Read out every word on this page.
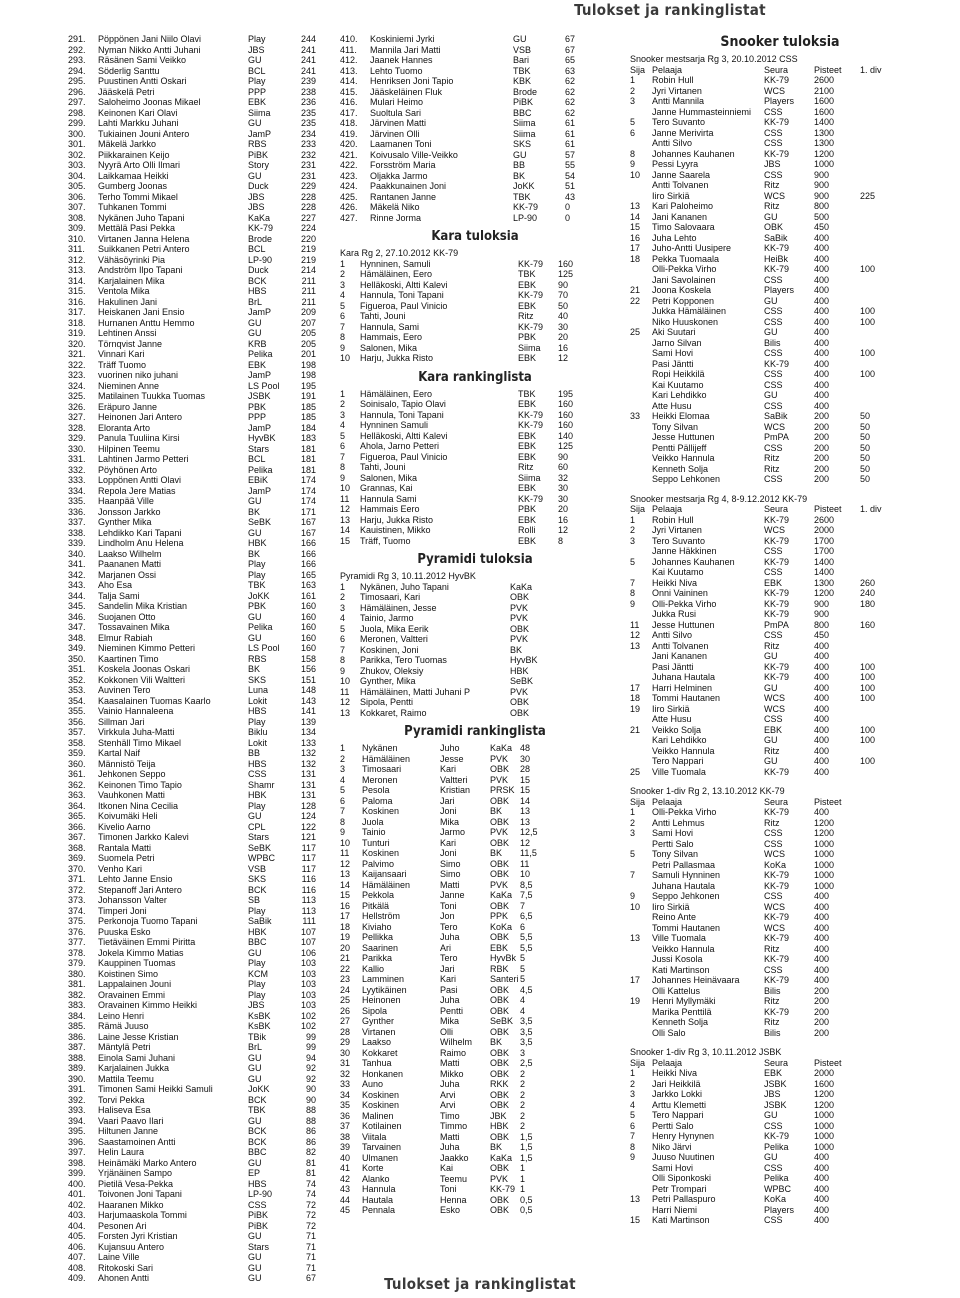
Tulokset ja rankinglistat
291.	Pöppönen Jani Niilo Olavi	Play	244
292.	Nyman Nikko Antti Juhani	JBS	241
293.	Räsänen Sami Veikko	GU	241
294.	Söderlig Santtu	BCL	241
295.	Puustinen Antti Oskari	Play	239
296.	Jääskelä Petri	PPP	238
297.	Saloheimo Joonas Mikael	EBK	236
298.	Keinonen Kari Olavi	Siima	235
299.	Lahti Markku Juhani	GU	235
300.	Tukiainen Jouni Antero	JamP	234
301.	Mäkelä Jarkko	RBS	233
302.	Piikkarainen Keijo	PiBK	232
303.	Nyyrä Arto Olli Ilmari	Story	231
304.	Laikkamaa Heikki	GU	231
305.	Gumberg Joonas	Duck	229
306.	Terho Tommi Mikael	JBS	228
307.	Tuhkanen Tommi	JBS	228
308.	Nykänen Juho Tapani	KaKa	227
309.	Mettälä Pasi Pekka	KK-79	224
310.	Virtanen Janna Helena	Brode	220
311.	Suikkanen Petri Antero	BCL	219
312.	Vähäsöyrinki Pia	LP-90	219
313.	Andström Ilpo Tapani	Duck	214
314.	Karjalainen Mika	BCK	211
315.	Ventola Mika	HBS	211
316.	Hakulinen Jani	BrL	211
317.	Heiskanen Jani Ensio	JamP	209
318.	Hurnanen Anttu Hemmo	GU	207
319.	Lehtinen Anssi	GU	205
320.	Törnqvist Janne	KRB	205
321.	Vinnari Kari	Pelika	201
322.	Träff Tuomo	EBK	198
323.	vuorinen niko juhani	JamP	198
324.	Nieminen Anne	LS Pool	195
325.	Matilainen Tuukka Tuomas	JSBK	191
326.	Eräpuro Janne	PBK	185
327.	Heinonen Jari Antero	PPP	185
328.	Eloranta Arto	JamP	184
329.	Panula Tuuliina Kirsi	HyvBK	183
330.	Hilpinen Teemu	Stars	181
331.	Lahtinen Jarmo Petteri	BCL	181
332.	Pöyhönen Arto	Pelika	181
333.	Loppönen Antti Olavi	EBiK	174
334.	Repola Jere Matias	JamP	174
335.	Haanpää Ville	GU	174
336.	Jonsson Jarkko	BK	171
337.	Gynther Mika	SeBK	167
338.	Lehdikko Kari Tapani	GU	167
339.	Lindholm Anu Helena	HBK	166
340.	Laakso Wilhelm	BK	166
341.	Paananen Matti	Play	166
342.	Marjanen Ossi	Play	165
343.	Aho Esa	TBK	163
344.	Talja Sami	JoKK	161
345.	Sandelin Mika Kristian	PBK	160
346.	Suojanen Otto	GU	160
347.	Tossavainen Mika	Pelika	160
348.	Elmur Rabiah	GU	160
349.	Nieminen Kimmo Petteri	LS Pool	160
350.	Kaartinen Timo	RBS	158
351.	Koskela Joonas Oskari	BK	156
352.	Kokkonen Vili Waltteri	SKS	151
353.	Auvinen Tero	Luna	148
354.	Kaasalainen Tuomas Kaarlo	Lokit	143
355.	Vainio Hannaleena	HBS	141
356.	Sillman Jari	Play	139
357.	Virkkula Juha-Matti	Biklu	134
358.	Stenhäll Timo Mikael	Lokit	133
359.	Kartal Naif	BB	132
360.	Männistö Teija	HBS	132
361.	Jehkonen Seppo	CSS	131
362.	Keinonen Timo Tapio	Shamr	131
363.	Vauhkonen Matti	HBK	131
364.	Itkonen Nina Cecilia	Play	128
365.	Koivumäki Heli	GU	124
366.	Kivelio Aarno	CPL	122
367.	Timonen Jarkko Kalevi	Stars	121
368.	Rantala Matti	SeBK	117
369.	Suomela Petri	WPBC	117
370.	Venho Kari	VSB	117
371.	Lehto Janne Ensio	SKS	116
372.	Stepanoff Jari Antero	BCK	116
373.	Johansson Valter	SB	113
374.	Timperi Joni	Play	113
375.	Perkonoja Tuomo Tapani	SaBik	111
376.	Puuska Esko	HBK	107
377.	Tietäväinen Emmi Piritta	BBC	107
378.	Jokela Kimmo Matias	GU	106
379.	Kauppinen Tuomas	Play	103
380.	Koistinen Simo	KCM	103
381.	Lappalainen Jouni	Play	103
382.	Oravainen Emmi	Play	103
383.	Oravainen Kimmo Heikki	JBS	103
384.	Leino Henri	KsBK	102
385.	Rämä Juuso	KsBK	102
386.	Laine Jesse Kristian	TBik	99
387.	Mäntylä Petri	BrL	99
388.	Einola Sami Juhani	GU	94
389.	Karjalainen Jukka	GU	92
390.	Mattila Teemu	GU	92
391.	Timonen Sami Heikki Samuli	JoKK	90
392.	Torvi Pekka	BCK	90
393.	Haliseva Esa	TBK	88
394.	Vaari Paavo Ilari	GU	88
395.	Hiltunen Janne	BCK	86
396.	Saastamoinen Antti	BCK	86
397.	Helin Laura	BBC	82
398.	Heinämäki Marko Antero	GU	81
399.	Yrjänäinen Sampo	EP	81
400.	Pietilä Vesa-Pekka	HBS	74
401.	Toivonen Joni Tapani	LP-90	74
402.	Haaranen Mikko	CSS	72
403.	Harjumaaskola Tommi	PiBK	72
404.	Pesonen Ari	PiBK	72
405.	Forsten Jyri Kristian	GU	71
406.	Kujansuu Antero	Stars	71
407.	Laine Ville	GU	71
408.	Ritokoski Sari	GU	71
409.	Ahonen Antti	GU	67
410.	Koskiniemi Jyrki	GU	67
411.	Mannila Jari Matti	VSB	67
412.	Jaanek Hannes	Bari	65
413.	Lehto Tuomo	TBK	63
414.	Henriksen Joni Tapio	KBK	62
415.	Jääskeläinen Fluk	Brode	62
416.	Mulari Heimo	PiBK	62
417.	Suoltula Sari	BBC	62
418.	Järvinen Matti	Siima	61
419.	Järvinen Olli	Siima	61
420.	Laamanen Toni	SKS	61
421.	Koivusalo Ville-Veikko	GU	57
422.	Forsström Maria	BB	55
423.	Oljakka Jarmo	BK	54
424.	Paakkunainen Joni	JoKK	51
425.	Rantanen Janne	TBK	43
426.	Mäkelä Niko	KK-79	0
427.	Rinne Jorma	LP-90	0
Kara tuloksia
Kara Rg 2, 27.10.2012 KK-79
1	Hynninen, Samuli	KK-79	160
2	Hämäläinen, Eero	TBK	125
3	Helläkoski, Altti Kalevi	EBK	90
4	Hannula, Toni Tapani	KK-79	70
5	Figueroa, Paul Vinicio	EBK	50
6	Tahti, Jouni	Ritz	40
7	Hannula, Sami	KK-79	30
8	Hammais, Eero	PBK	20
9	Salonen, Mika	Siima	16
10	Harju, Jukka Risto	EBK	12
Kara rankinglista
1	Hämäläinen, Eero	TBK	195
2	Soinisalo, Tapio Olavi	EBK	160
3	Hannula, Toni Tapani	KK-79	160
4	Hynninen Samuli	KK-79	160
5	Helläkoski, Altti Kalevi	EBK	140
6	Ahola, Jarno Petteri	EBK	125
7	Figueroa, Paul Vinicio	EBK	90
8	Tahti, Jouni	Ritz	60
9	Salonen, Mika	Siima	32
10	Grannas, Kai	EBK	30
11	Hannula Sami	KK-79	30
12	Hammais Eero	PBK	20
13	Harju, Jukka Risto	EBK	16
14	Kauistinen, Mikko	Rolli	12
15	Träff, Tuomo	EBK	8
Pyramidi tuloksia
Pyramidi Rg 3, 10.11.2012 HyvBK
1	Nykänen, Juho Tapani	KaKa
2	Timosaari, Kari	OBK
3	Hämäläinen, Jesse	PVK
4	Tainio, Jarmo	PVK
5	Juola, Mika Eerik	OBK
6	Meronen, Valtteri	PVK
7	Koskinen, Joni	BK
8	Parikka, Tero Tuomas	HyvBK
9	Zhukov, Oleksiy	HBK
10	Gynther, Mika	SeBK
11	Hämäläinen, Matti Juhani P	PVK
12	Sipola, Pentti	OBK
13	Kokkaret, Raimo	OBK
Pyramidi rankinglista
1	Nykänen	Juho	KaKa 48
2	Hämäläinen	Jesse	PVK	30
3	Timosaari	Kari	OBK	28
4	Meronen	Valtteri	PVK	15
5	Pesola	Kristian	PRSK 15
6	Paloma	Jari	OBK	14
7	Koskinen	Joni	BK	13
8	Juola	Mika	OBK	13
9	Tainio	Jarmo	PVK	12,5
10	Tunturi	Kari	OBK	12
11	Koskinen	Joni	BK	11,5
12	Palvimo	Simo	OBK	11
13	Kaijansaari	Simo	OBK	10
14	Hämäläinen	Matti	PVK	8,5
15	Pekkola	Janne	KaKa 7,5
16	Pitkälä	Toni	OBK	7
17	Hellström	Jon	PPK	6,5
18	Kiviaho	Tero	KoKa 6
19	Pellikka	Juha	OBK	5,5
20	Saarinen	Ari	EBK	5,5
21	Parikka	Tero	HyvBk 5
22	Kallio	Jari	RBK	5
23	Lamminen	Kari	Santeri 5
24	Lyytikäinen	Pasi	OBK	4,5
25	Heinonen	Juha	OBK	4
26	Sipola	Pentti	OBK	4
27	Gynther	Mika	SeBK 3,5
28	Virtanen	Olli	OBK	3,5
29	Laakso	Wilhelm	BK	3,5
30	Kokkaret	Raimo	OBK	3
31	Tanhua	Matti	OBK	2,5
32	Honkanen	Mikko	OBK	2
33	Auno	Juha	RKK	2
34	Koskinen	Arvi	OBK	2
35	Koskinen	Arvi	OBK	2
36	Malinen	Timo	JBK	2
37	Kotilainen	Timmo	HBK	2
38	Viitala	Matti	OBK	1,5
39	Tarvainen	Juha	BK	1,5
40	Ulmanen	Jaakko	KaKa 1,5
41	Korte	Kai	OBK	1
42	Alanko	Teemu	PVK	1
43	Hannula	Toni	KK-79 1
44	Hautala	Henna	OBK	0,5
45	Pennala	Esko	OBK	0,5
Snooker tuloksia
Snooker mestsarja Rg 3, 20.10.2012 CSS
Sija Pelaaja	Seura	Pisteet	1. div
1	Robin Hull	KK-79	2600
2	Jyri Virtanen	WCS	2100
3	Antti Mannila	Players	1600
Janne Hummasteinniemi	CSS	1600
5	Tero Suvanto	KK-79	1400
6	Janne Merivirta	CSS	1300
Antti Silvo	CSS	1300
8	Johannes Kauhanen	KK-79	1200
9	Pessi Lyyra	JBS	1000
10	Janne Saarela	CSS	900
Antti Tolvanen	Ritz	900
Iiro Sirkiä	WCS	900	225
13	Kari Paloheimo	Ritz	800
14	Jani Kananen	GU	500
15	Timo Salovaara	OBK	450
16	Juha Lehto	SaBik	400
17	Juho-Antti Uusipere	KK-79	400
18	Pekka Tuomaala	HeiBk	400
Olli-Pekka Virho	KK-79	400	100
Jani Savolainen	CSS	400
21	Joona Koskela	Players	400
22	Petri Kopponen	GU	400
Jukka Hämäläinen	CSS	400	100
Niko Huuskonen	CSS	400	100
25	Aki Suutari	GU	400
Jarno Silvan	Bilis	400
Sami Hovi	CSS	400	100
Pasi Jäntti	KK-79	400
Ropi Heikkilä	CSS	400	100
Kai Kuutamo	CSS	400
Kari Lehdikko	GU	400
Atte Husu	CSS	400
33	Heikki Elomaa	SaBik	200	50
Tony Silvan	WCS	200	50
Jesse Huttunen	PmPA	200	50
Pentti Pällijeff	CSS	200	50
Veikko Hannula	Ritz	200	50
Kenneth Solja	Ritz	200	50
Seppo Lehkonen	CSS	200	50
Snooker mestsarja Rg 4, 8-9.12.2012 KK-79
Sija Pelaaja	Seura	Pisteet	1. div
1	Robin Hull	KK-79	2600
2	Jyri Virtanen	WCS	2000
3	Tero Suvanto	KK-79	1700
Janne Häkkinen	CSS	1700
5	Johannes Kauhanen	KK-79	1400
Kai Kuutamo	CSS	1400
7	Heikki Niva	EBK	1300	260
8	Onni Vaininen	KK-79	1200	240
9	Olli-Pekka Virho	KK-79	900	180
Jukka Rusi	KK-79	900
11	Jesse Huttunen	PmPA	800	160
12	Antti Silvo	CSS	450
13	Antti Tolvanen	Ritz	400
Jani Kananen	GU	400
Pasi Jäntti	KK-79	400	100
Juhana Hautala	KK-79	400	100
17	Harri Helminen	GU	400	100
18	Tommi Hautanen	WCS	400	100
19	Iiro Sirkiä	WCS	400
Atte Husu	CSS	400
21	Veikko Solja	EBK	400	100
Kari Lehdikko	GU	400	100
Veikko Hannula	Ritz	400
Tero Nappari	GU	400	100
25	Ville Tuomala	KK-79	400
Snooker 1-div Rg 2, 13.10.2012 KK-79
Sija Pelaaja	Seura	Pisteet
1	Olli-Pekka Virho	KK-79	400
2	Antti Lehmus	Ritz	1200
3	Sami Hovi	CSS	1200
Pertti Salo	CSS	1000
5	Tony Silvan	WCS	1000
Petri Pallasmaa	KoKa	1000
7	Samuli Hynninen	KK-79	1000
Juhana Hautala	KK-79	1000
9	Seppo Jehkonen	CSS	400
10	Iiro Sirkiä	WCS	400
Reino Ante	KK-79	400
Tommi Hautanen	WCS	400
13	Ville Tuomala	KK-79	400
Veikko Hannula	Ritz	400
Jussi Kosola	KK-79	400
Kati Martinson	CSS	400
17	Johannes Heinävaara	KK-79	400
Olli Kattelus	Bilis	200
19	Henri Myllymäki	Ritz	200
Marika Penttilä	KK-79	200
Kenneth Solja	Ritz	200
Olli Salo	Bilis	200
Snooker 1-div Rg 3, 10.11.2012 JSBK
Sija Pelaaja	Seura	Pisteet
1	Heikki Niva	EBK	2000
2	Jari Heikkilä	JSBK	1600
3	Jarkko Lokki	JBS	1200
4	Arttu Klemetti	JSBK	1200
5	Tero Nappari	GU	1000
6	Pertti Salo	CSS	1000
7	Henry Hynynen	KK-79	1000
8	Niko Järvi	Pelika	1000
9	Juuso Nuutinen	GU	400
Sami Hovi	CSS	400
Olli Siponkoski	Pelika	400
Petr Trompari	WPBC	400
13	Petri Pallaspuro	KoKa	400
Harri Niemi	Players	400
15	Kati Martinson	CSS	400
Tulokset ja rankinglistat
